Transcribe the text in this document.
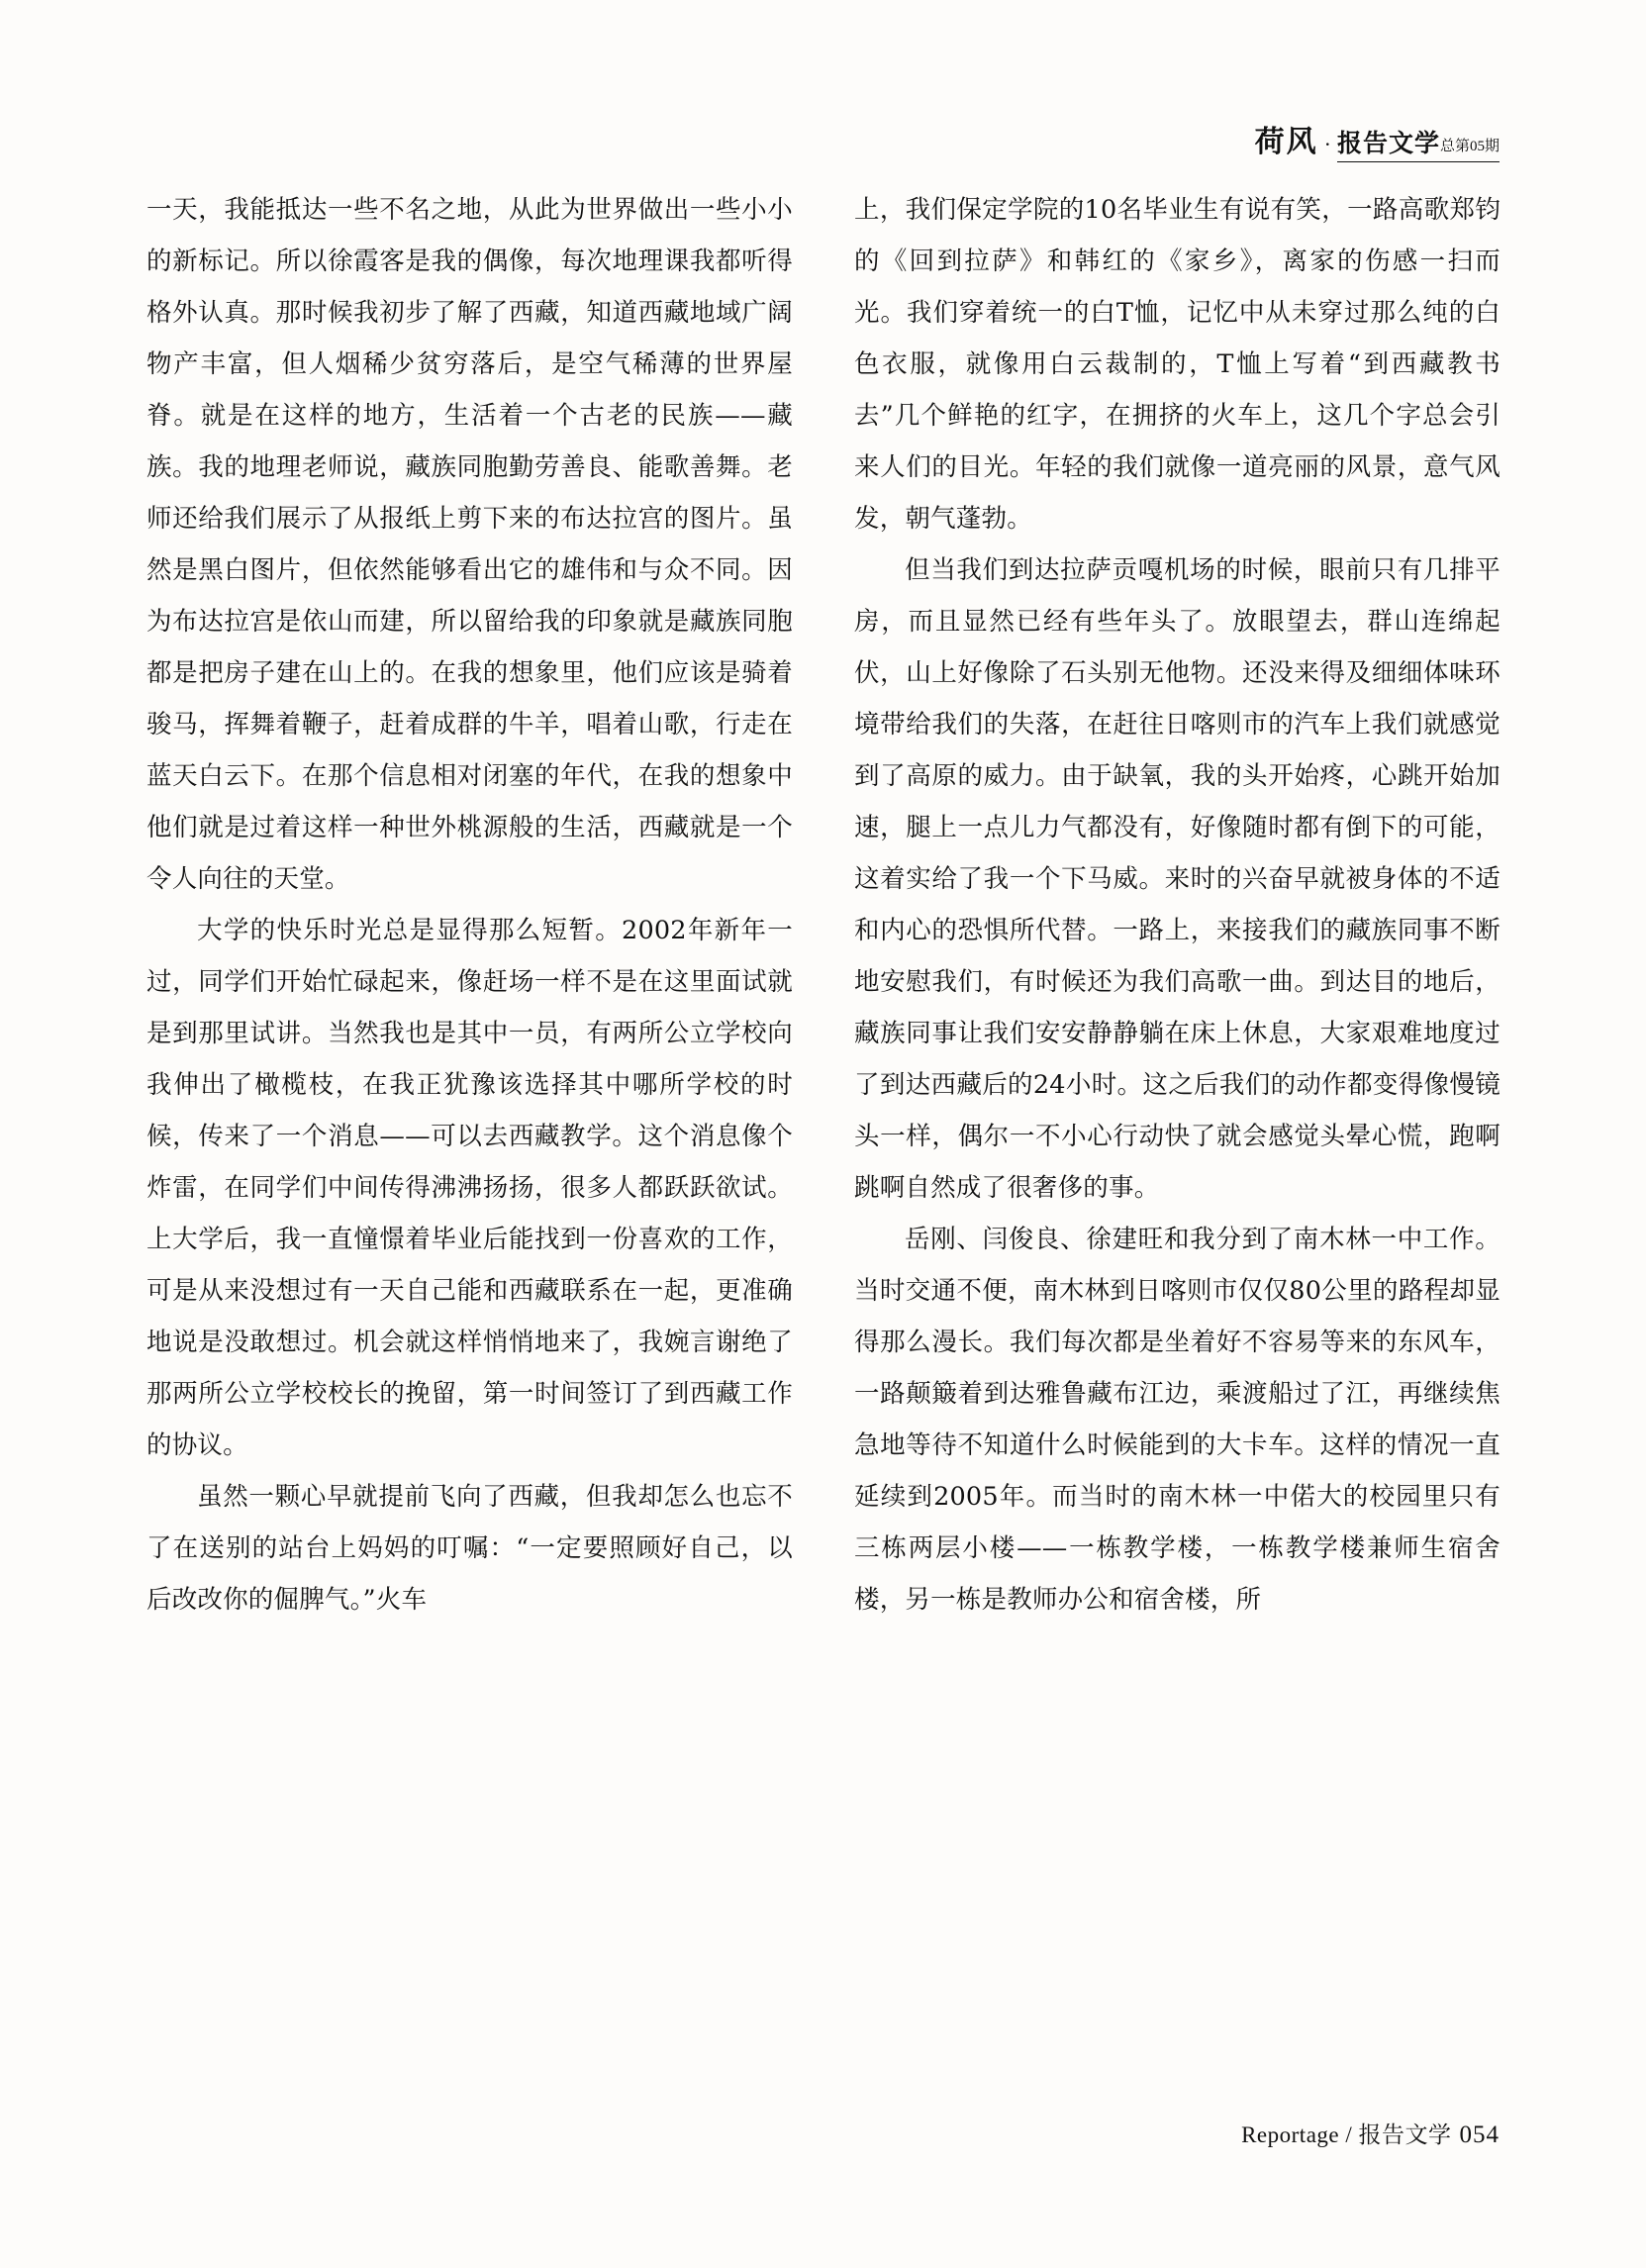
荷风 · 报告文学总第05期

一天，我能抵达一些不名之地，从此为世界做出一些小小的新标记。所以徐霞客是我的偶像，每次地理课我都听得格外认真。那时候我初步了解了西藏，知道西藏地域广阔物产丰富，但人烟稀少贫穷落后，是空气稀薄的世界屋脊。就是在这样的地方，生活着一个古老的民族——藏族。我的地理老师说，藏族同胞勤劳善良、能歌善舞。老师还给我们展示了从报纸上剪下来的布达拉宫的图片。虽然是黑白图片，但依然能够看出它的雄伟和与众不同。因为布达拉宫是依山而建，所以留给我的印象就是藏族同胞都是把房子建在山上的。在我的想象里，他们应该是骑着骏马，挥舞着鞭子，赶着成群的牛羊，唱着山歌，行走在蓝天白云下。在那个信息相对闭塞的年代，在我的想象中他们就是过着这样一种世外桃源般的生活，西藏就是一个令人向往的天堂。

大学的快乐时光总是显得那么短暂。2002年新年一过，同学们开始忙碌起来，像赶场一样不是在这里面试就是到那里试讲。当然我也是其中一员，有两所公立学校向我伸出了橄榄枝，在我正犹豫该选择其中哪所学校的时候，传来了一个消息——可以去西藏教学。这个消息像个炸雷，在同学们中间传得沸沸扬扬，很多人都跃跃欲试。上大学后，我一直憧憬着毕业后能找到一份喜欢的工作，可是从来没想过有一天自己能和西藏联系在一起，更准确地说是没敢想过。机会就这样悄悄地来了，我婉言谢绝了那两所公立学校校长的挽留，第一时间签订了到西藏工作的协议。

虽然一颗心早就提前飞向了西藏，但我却怎么也忘不了在送别的站台上妈妈的叮嘱：“一定要照顾好自己，以后改改你的倔脾气。”火车

上，我们保定学院的10名毕业生有说有笑，一路高歌郑钧的《回到拉萨》和韩红的《家乡》，离家的伤感一扫而光。我们穿着统一的白T恤，记忆中从未穿过那么纯的白色衣服，就像用白云裁制的，T恤上写着“到西藏教书去”几个鲜艳的红字，在拥挤的火车上，这几个字总会引来人们的目光。年轻的我们就像一道亮丽的风景，意气风发，朝气蓬勃。

但当我们到达拉萨贡嘎机场的时候，眼前只有几排平房，而且显然已经有些年头了。放眼望去，群山连绵起伏，山上好像除了石头别无他物。还没来得及细细体味环境带给我们的失落，在赶往日喀则市的汽车上我们就感觉到了高原的威力。由于缺氧，我的头开始疼，心跳开始加速，腿上一点儿力气都没有，好像随时都有倒下的可能，这着实给了我一个下马威。来时的兴奋早就被身体的不适和内心的恐惧所代替。一路上，来接我们的藏族同事不断地安慰我们，有时候还为我们高歌一曲。到达目的地后，藏族同事让我们安安静静躺在床上休息，大家艰难地度过了到达西藏后的24小时。这之后我们的动作都变得像慢镜头一样，偶尔一不小心行动快了就会感觉头晕心慌，跑啊跳啊自然成了很奢侈的事。

岳刚、闫俊良、徐建旺和我分到了南木林一中工作。当时交通不便，南木林到日喀则市仅仅80公里的路程却显得那么漫长。我们每次都是坐着好不容易等来的东风车，一路颠簸着到达雅鲁藏布江边，乘渡船过了江，再继续焦急地等待不知道什么时候能到的大卡车。这样的情况一直延续到2005年。而当时的南木林一中偌大的校园里只有三栋两层小楼——一栋教学楼，一栋教学楼兼师生宿舍楼，另一栋是教师办公和宿舍楼，所

Reportage / 报告文学 054
